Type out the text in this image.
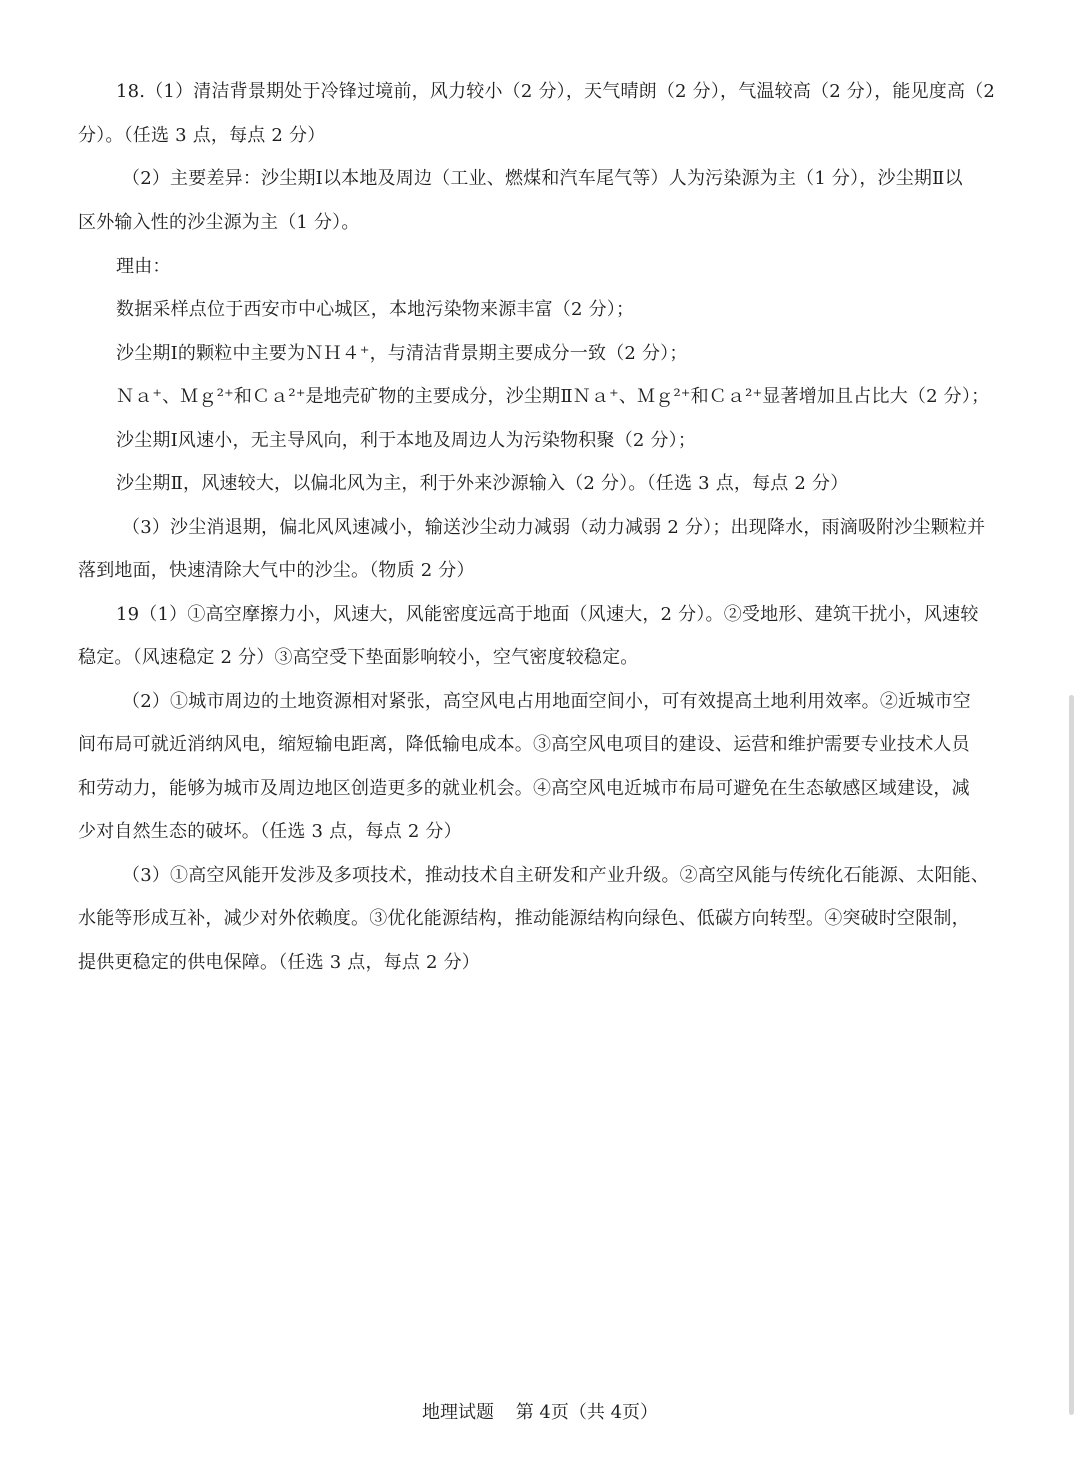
18.（1）清洁背景期处于冷锋过境前，风力较小（2 分），天气晴朗（2 分），气温较高（2 分），能见度高（2
分）。（任选 3 点，每点 2 分）
（2）主要差异：沙尘期Ⅰ以本地及周边（工业、燃煤和汽车尾气等）人为污染源为主（1 分），沙尘期Ⅱ以
区外输入性的沙尘源为主（1 分）。
理由：
数据采样点位于西安市中心城区，本地污染物来源丰富（2 分）；
沙尘期Ⅰ的颗粒中主要为ＮＨ４⁺，与清洁背景期主要成分一致（2 分）；
Ｎａ⁺、Ｍｇ²⁺和Ｃａ²⁺是地壳矿物的主要成分，沙尘期ⅡＮａ⁺、Ｍｇ²⁺和Ｃａ²⁺显著增加且占比大（2 分）；
沙尘期Ⅰ风速小，无主导风向，利于本地及周边人为污染物积聚（2 分）；
沙尘期Ⅱ，风速较大，以偏北风为主，利于外来沙源输入（2 分）。（任选 3 点，每点 2 分）
（3）沙尘消退期，偏北风风速减小，输送沙尘动力减弱（动力减弱 2 分）；出现降水，雨滴吸附沙尘颗粒并
落到地面，快速清除大气中的沙尘。（物质 2 分）
19（1）①高空摩擦力小，风速大，风能密度远高于地面（风速大，2 分）。②受地形、建筑干扰小，风速较
稳定。（风速稳定 2 分）③高空受下垫面影响较小，空气密度较稳定。
（2）①城市周边的土地资源相对紧张，高空风电占用地面空间小，可有效提高土地利用效率。②近城市空
间布局可就近消纳风电，缩短输电距离，降低输电成本。③高空风电项目的建设、运营和维护需要专业技术人员
和劳动力，能够为城市及周边地区创造更多的就业机会。④高空风电近城市布局可避免在生态敏感区域建设，减
少对自然生态的破坏。（任选 3 点，每点 2 分）
（3）①高空风能开发涉及多项技术，推动技术自主研发和产业升级。②高空风能与传统化石能源、太阳能、
水能等形成互补，减少对外依赖度。③优化能源结构，推动能源结构向绿色、低碳方向转型。④突破时空限制，
提供更稳定的供电保障。（任选 3 点，每点 2 分）
地理试题 第 4页（共 4页）
